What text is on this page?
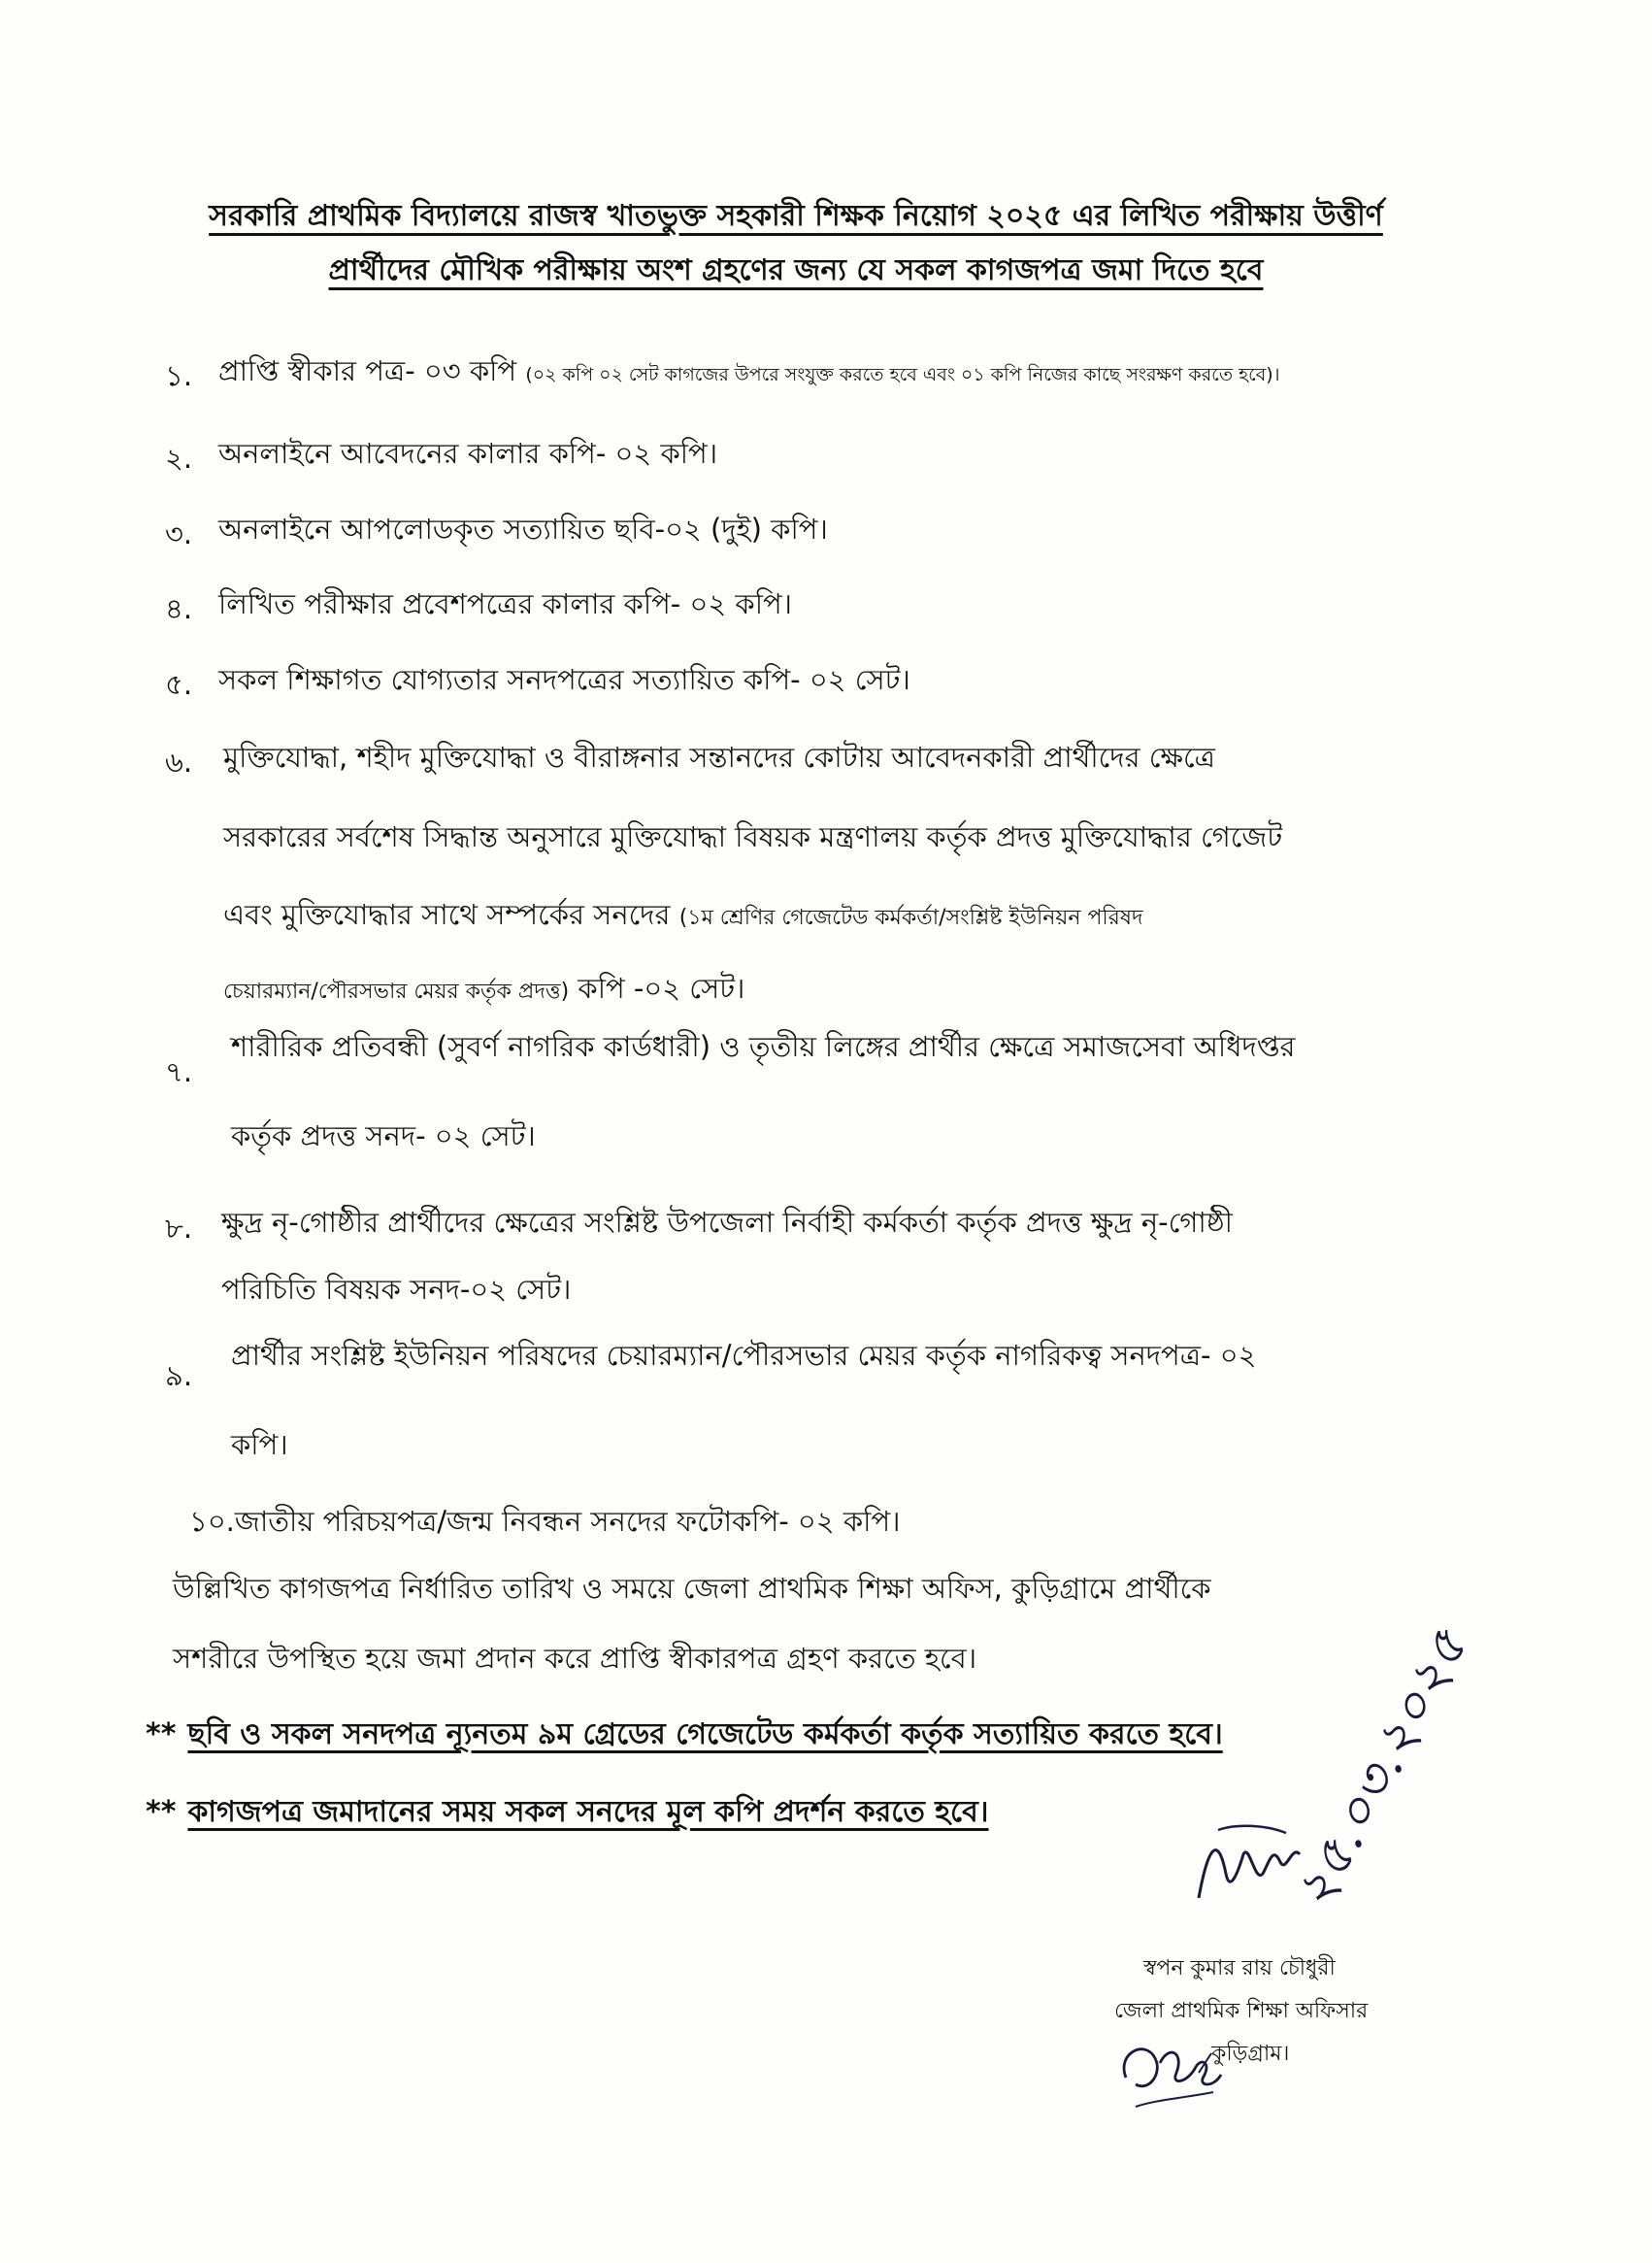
সরকারি প্রাথমিক বিদ্যালয়ে রাজস্ব খাতভুক্ত সহকারী শিক্ষক নিয়োগ ২০২৫ এর লিখিত পরীক্ষায় উত্তীর্ণ
প্রার্থীদের মৌখিক পরীক্ষায় অংশ গ্রহণের জন্য যে সকল কাগজপত্র জমা দিতে হবে
১. প্রাপ্তি স্বীকার পত্র- ০৩ কপি (০২ কপি ০২ সেট কাগজের উপরে সংযুক্ত করতে হবে এবং ০১ কপি নিজের কাছে সংরক্ষণ করতে হবে)।
২. অনলাইনে আবেদনের কালার কপি- ০২ কপি।
৩. অনলাইনে আপলোডকৃত সত্যায়িত ছবি-০২ (দুই) কপি।
৪. লিখিত পরীক্ষার প্রবেশপত্রের কালার কপি- ০২ কপি।
৫. সকল শিক্ষাগত যোগ্যতার সনদপত্রের সত্যায়িত কপি- ০২ সেট।
৬. মুক্তিযোদ্ধা, শহীদ মুক্তিযোদ্ধা ও বীরাঙ্গনার সন্তানদের কোটায় আবেদনকারী প্রার্থীদের ক্ষেত্রে
সরকারের সর্বশেষ সিদ্ধান্ত অনুসারে মুক্তিযোদ্ধা বিষয়ক মন্ত্রণালয় কর্তৃক প্রদত্ত মুক্তিযোদ্ধার গেজেট
এবং মুক্তিযোদ্ধার সাথে সম্পর্কের সনদের (১ম শ্রেণির গেজেটেড কর্মকর্তা/সংশ্লিষ্ট ইউনিয়ন পরিষদ
চেয়ারম্যান/পৌরসভার মেয়র কর্তৃক প্রদত্ত) কপি -০২ সেট।
৭.
শারীরিক প্রতিবন্ধী (সুবর্ণ নাগরিক কার্ডধারী) ও তৃতীয় লিঙ্গের প্রার্থীর ক্ষেত্রে সমাজসেবা অধিদপ্তর
কর্তৃক প্রদত্ত সনদ- ০২ সেট।
৮. ক্ষুদ্র নৃ-গোষ্ঠীর প্রার্থীদের ক্ষেত্রের সংশ্লিষ্ট উপজেলা নির্বাহী কর্মকর্তা কর্তৃক প্রদত্ত ক্ষুদ্র নৃ-গোষ্ঠী
পরিচিতি বিষয়ক সনদ-০২ সেট।
৯.
প্রার্থীর সংশ্লিষ্ট ইউনিয়ন পরিষদের চেয়ারম্যান/পৌরসভার মেয়র কর্তৃক নাগরিকত্ব সনদপত্র- ০২
কপি।
১০.জাতীয় পরিচয়পত্র/জন্ম নিবন্ধন সনদের ফটোকপি- ০২ কপি।
উল্লিখিত কাগজপত্র নির্ধারিত তারিখ ও সময়ে জেলা প্রাথমিক শিক্ষা অফিস, কুড়িগ্রামে প্রার্থীকে
সশরীরে উপস্থিত হয়ে জমা প্রদান করে প্রাপ্তি স্বীকারপত্র গ্রহণ করতে হবে।
** ছবি ও সকল সনদপত্র ন্যূনতম ৯ম গ্রেডের গেজেটেড কর্মকর্তা কর্তৃক সত্যায়িত করতে হবে।
** কাগজপত্র জমাদানের সময় সকল সনদের মূল কপি প্রদর্শন করতে হবে।	২৫.০৩.২০২৫
স্বপন কুমার রায় চৌধুরী
জেলা প্রাথমিক শিক্ষা অফিসার
কুড়িগ্রাম।
